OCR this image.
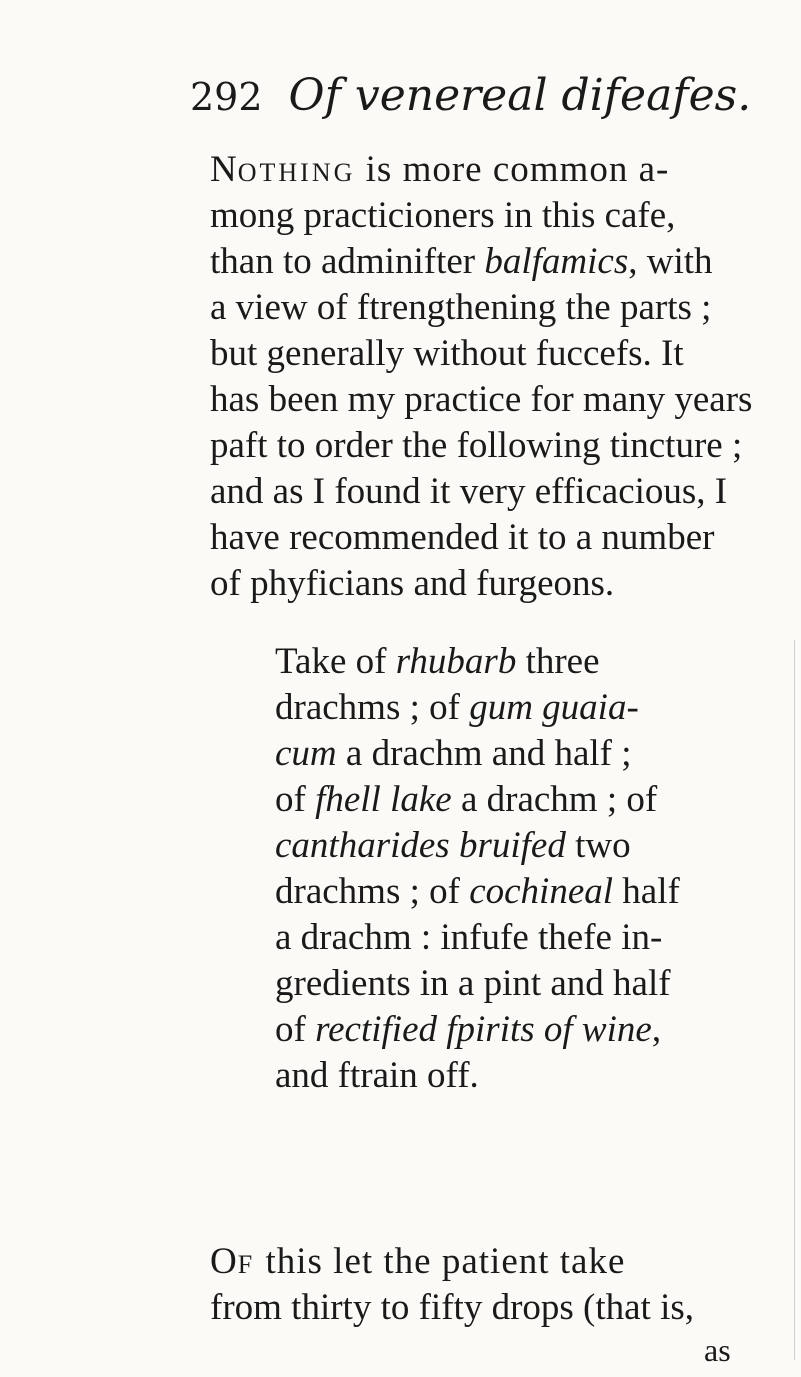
292 Of venereal difeafes.
NOTHING is more common a-
mong practicioners in this cafe,
than to adminifter balfamics, with
a view of ftrengthening the parts ;
but generally without fuccefs. It
has been my practice for many years
paft to order the following tincture ;
and as I found it very efficacious, I
have recommended it to a number
of phyficians and furgeons.
Take of rhubarb three
drachms ; of gum guaia-
cum a drachm and half ;
of fhell lake a drachm ; of
cantharides bruifed two
drachms ; of cochineal half
a drachm : infufe thefe in-
gredients in a pint and half
of rectified fpirits of wine,
and ftrain off.
OF this let the patient take
from thirty to fifty drops (that is,
as
